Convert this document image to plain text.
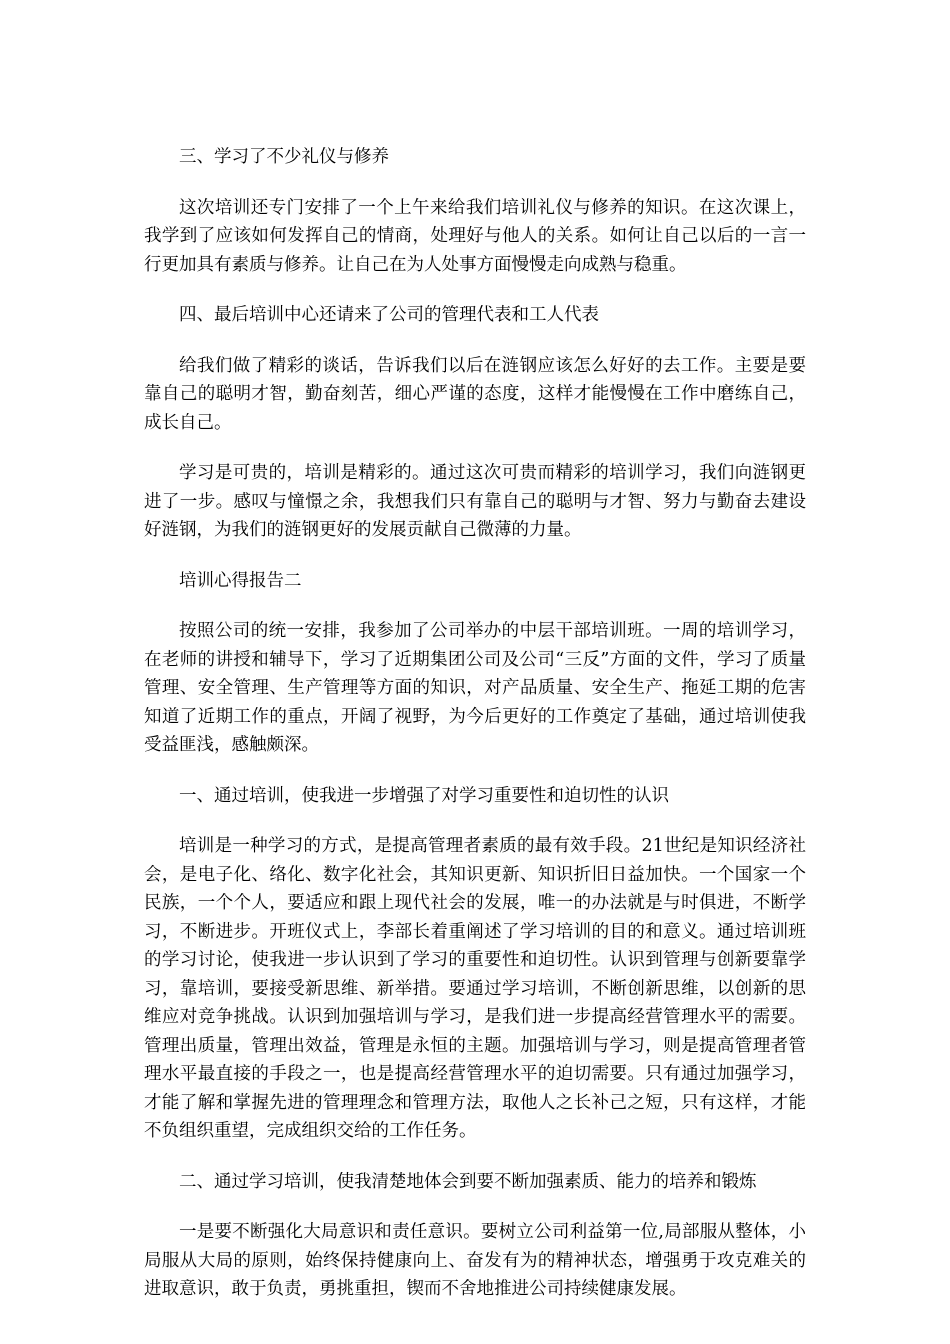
三、学习了不少礼仪与修养

这次培训还专门安排了一个上午来给我们培训礼仪与修养的知识。在这次课上，我学到了应该如何发挥自己的情商，处理好与他人的关系。如何让自己以后的一言一行更加具有素质与修养。让自己在为人处事方面慢慢走向成熟与稳重。

四、最后培训中心还请来了公司的管理代表和工人代表

给我们做了精彩的谈话，告诉我们以后在涟钢应该怎么好好的去工作。主要是要靠自己的聪明才智，勤奋刻苦，细心严谨的态度，这样才能慢慢在工作中磨练自己，成长自己。

学习是可贵的，培训是精彩的。通过这次可贵而精彩的培训学习，我们向涟钢更进了一步。感叹与憧憬之余，我想我们只有靠自己的聪明与才智、努力与勤奋去建设好涟钢，为我们的涟钢更好的发展贡献自己微薄的力量。

培训心得报告二

按照公司的统一安排，我参加了公司举办的中层干部培训班。一周的培训学习，在老师的讲授和辅导下，学习了近期集团公司及公司“三反”方面的文件，学习了质量管理、安全管理、生产管理等方面的知识，对产品质量、安全生产、拖延工期的危害知道了近期工作的重点，开阔了视野，为今后更好的工作奠定了基础，通过培训使我受益匪浅，感触颇深。

一、通过培训，使我进一步增强了对学习重要性和迫切性的认识

培训是一种学习的方式，是提高管理者素质的最有效手段。21世纪是知识经济社会，是电子化、络化、数字化社会，其知识更新、知识折旧日益加快。一个国家一个民族，一个个人，要适应和跟上现代社会的发展，唯一的办法就是与时俱进，不断学习，不断进步。开班仪式上，李部长着重阐述了学习培训的目的和意义。通过培训班的学习讨论，使我进一步认识到了学习的重要性和迫切性。认识到管理与创新要靠学习，靠培训，要接受新思维、新举措。要通过学习培训，不断创新思维，以创新的思维应对竞争挑战。认识到加强培训与学习，是我们进一步提高经营管理水平的需要。管理出质量，管理出效益，管理是永恒的主题。加强培训与学习，则是提高管理者管理水平最直接的手段之一，也是提高经营管理水平的迫切需要。只有通过加强学习，才能了解和掌握先进的管理理念和管理方法，取他人之长补己之短，只有这样，才能不负组织重望，完成组织交给的工作任务。

二、通过学习培训，使我清楚地体会到要不断加强素质、能力的培养和锻炼

一是要不断强化大局意识和责任意识。要树立公司利益第一位,局部服从整体，小局服从大局的原则，始终保持健康向上、奋发有为的精神状态，增强勇于攻克难关的进取意识，敢于负责，勇挑重担，锲而不舍地推进公司持续健康发展。
